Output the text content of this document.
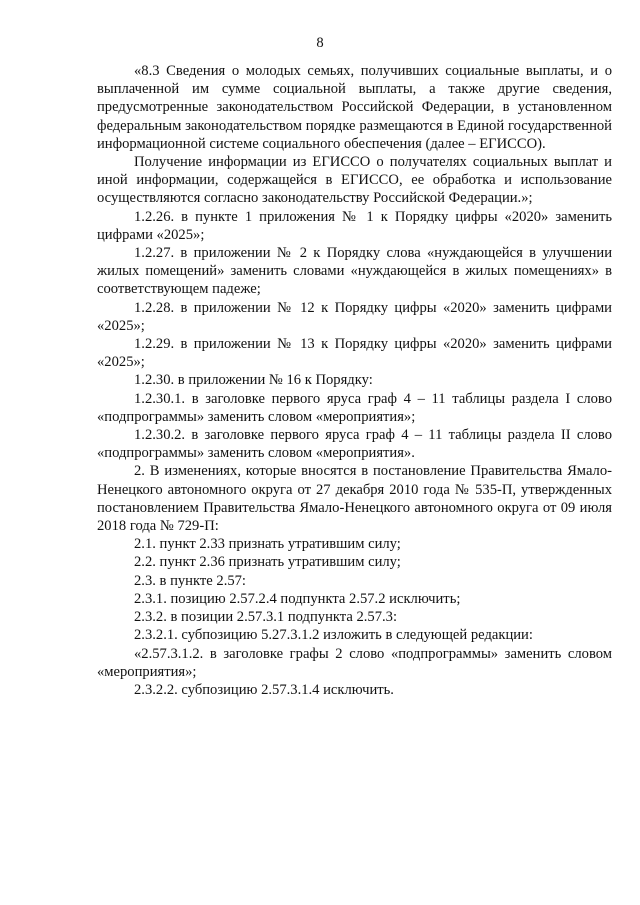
8

«8.3 Сведения о молодых семьях, получивших социальные выплаты, и о выплаченной им сумме социальной выплаты, а также другие сведения, предусмотренные законодательством Российской Федерации, в установленном федеральным законодательством порядке размещаются в Единой государственной информационной системе социального обеспечения (далее – ЕГИССО).

Получение информации из ЕГИССО о получателях социальных выплат и иной информации, содержащейся в ЕГИССО, ее обработка и использование осуществляются согласно законодательству Российской Федерации.»;

1.2.26. в пункте 1 приложения № 1 к Порядку цифры «2020» заменить цифрами «2025»;

1.2.27. в приложении № 2 к Порядку слова «нуждающейся в улучшении жилых помещений» заменить словами «нуждающейся в жилых помещениях» в соответствующем падеже;

1.2.28. в приложении № 12 к Порядку цифры «2020» заменить цифрами «2025»;

1.2.29. в приложении № 13 к Порядку цифры «2020» заменить цифрами «2025»;

1.2.30. в приложении № 16 к Порядку:

1.2.30.1. в заголовке первого яруса граф 4 – 11 таблицы раздела I слово «подпрограммы» заменить словом «мероприятия»;

1.2.30.2. в заголовке первого яруса граф 4 – 11 таблицы раздела II слово «подпрограммы» заменить словом «мероприятия».

2. В изменениях, которые вносятся в постановление Правительства Ямало-Ненецкого автономного округа от 27 декабря 2010 года № 535-П, утвержденных постановлением Правительства Ямало-Ненецкого автономного округа от 09 июля 2018 года № 729-П:

2.1. пункт 2.33 признать утратившим силу;

2.2. пункт 2.36 признать утратившим силу;

2.3. в пункте 2.57:

2.3.1. позицию 2.57.2.4 подпункта 2.57.2 исключить;

2.3.2. в позиции 2.57.3.1 подпункта 2.57.3:

2.3.2.1. субпозицию 5.27.3.1.2 изложить в следующей редакции:

«2.57.3.1.2. в заголовке графы 2 слово «подпрограммы» заменить словом «мероприятия»;

2.3.2.2. субпозицию 2.57.3.1.4 исключить.
